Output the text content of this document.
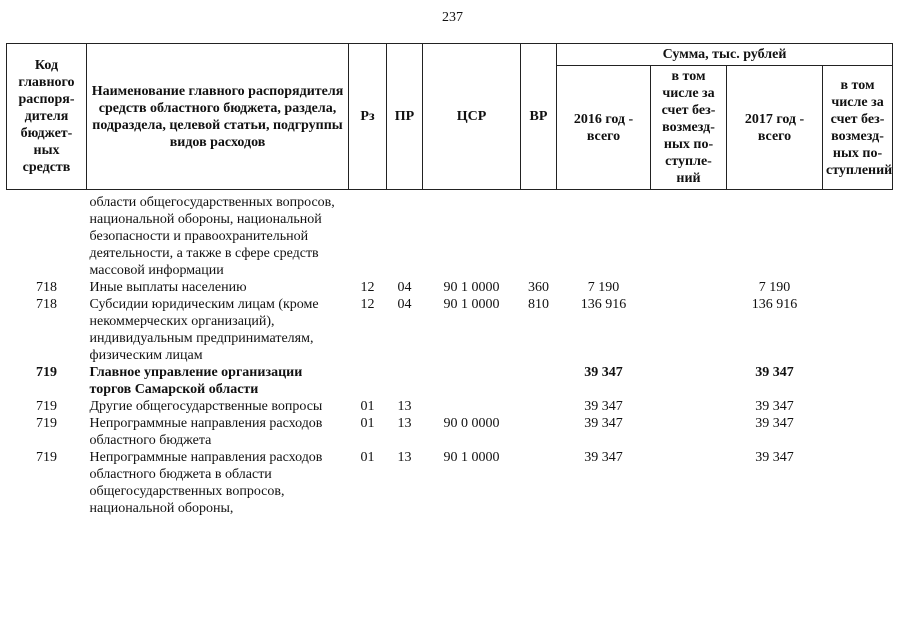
237
Код главного распоря-дителя бюджет-ных средств	Наименование главного распорядителя средств областного бюджета, раздела, подраздела, целевой статьи, подгруппы видов расходов	Рз	ПР	ЦСР	ВР	Сумма, тыс. рублей			
						2016 год - всего	в том числе за счет без-возмезд-ных по-ступле-ний	2017 год - всего	в том числе за счет без-возмезд-ных по-ступлений

	области общегосударственных вопросов, национальной обороны, национальной безопасности и правоохранительной деятельности, а также в сфере средств массовой информации								
718	Иные выплаты населению	12	04	90 1 0000	360	7 190		7 190	
718	Субсидии юридическим лицам (кроме некоммерческих организаций), индивидуальным предпринимателям, физическим лицам	12	04	90 1 0000	810	136 916		136 916	
719	Главное управление организации торгов Самарской области					39 347		39 347	
719	Другие общегосударственные вопросы	01	13			39 347		39 347	
719	Непрограммные направления расходов областного бюджета	01	13	90 0 0000		39 347		39 347	
719	Непрограммные направления расходов областного бюджета в области общегосударственных вопросов, национальной обороны,	01	13	90 1 0000		39 347		39 347	
